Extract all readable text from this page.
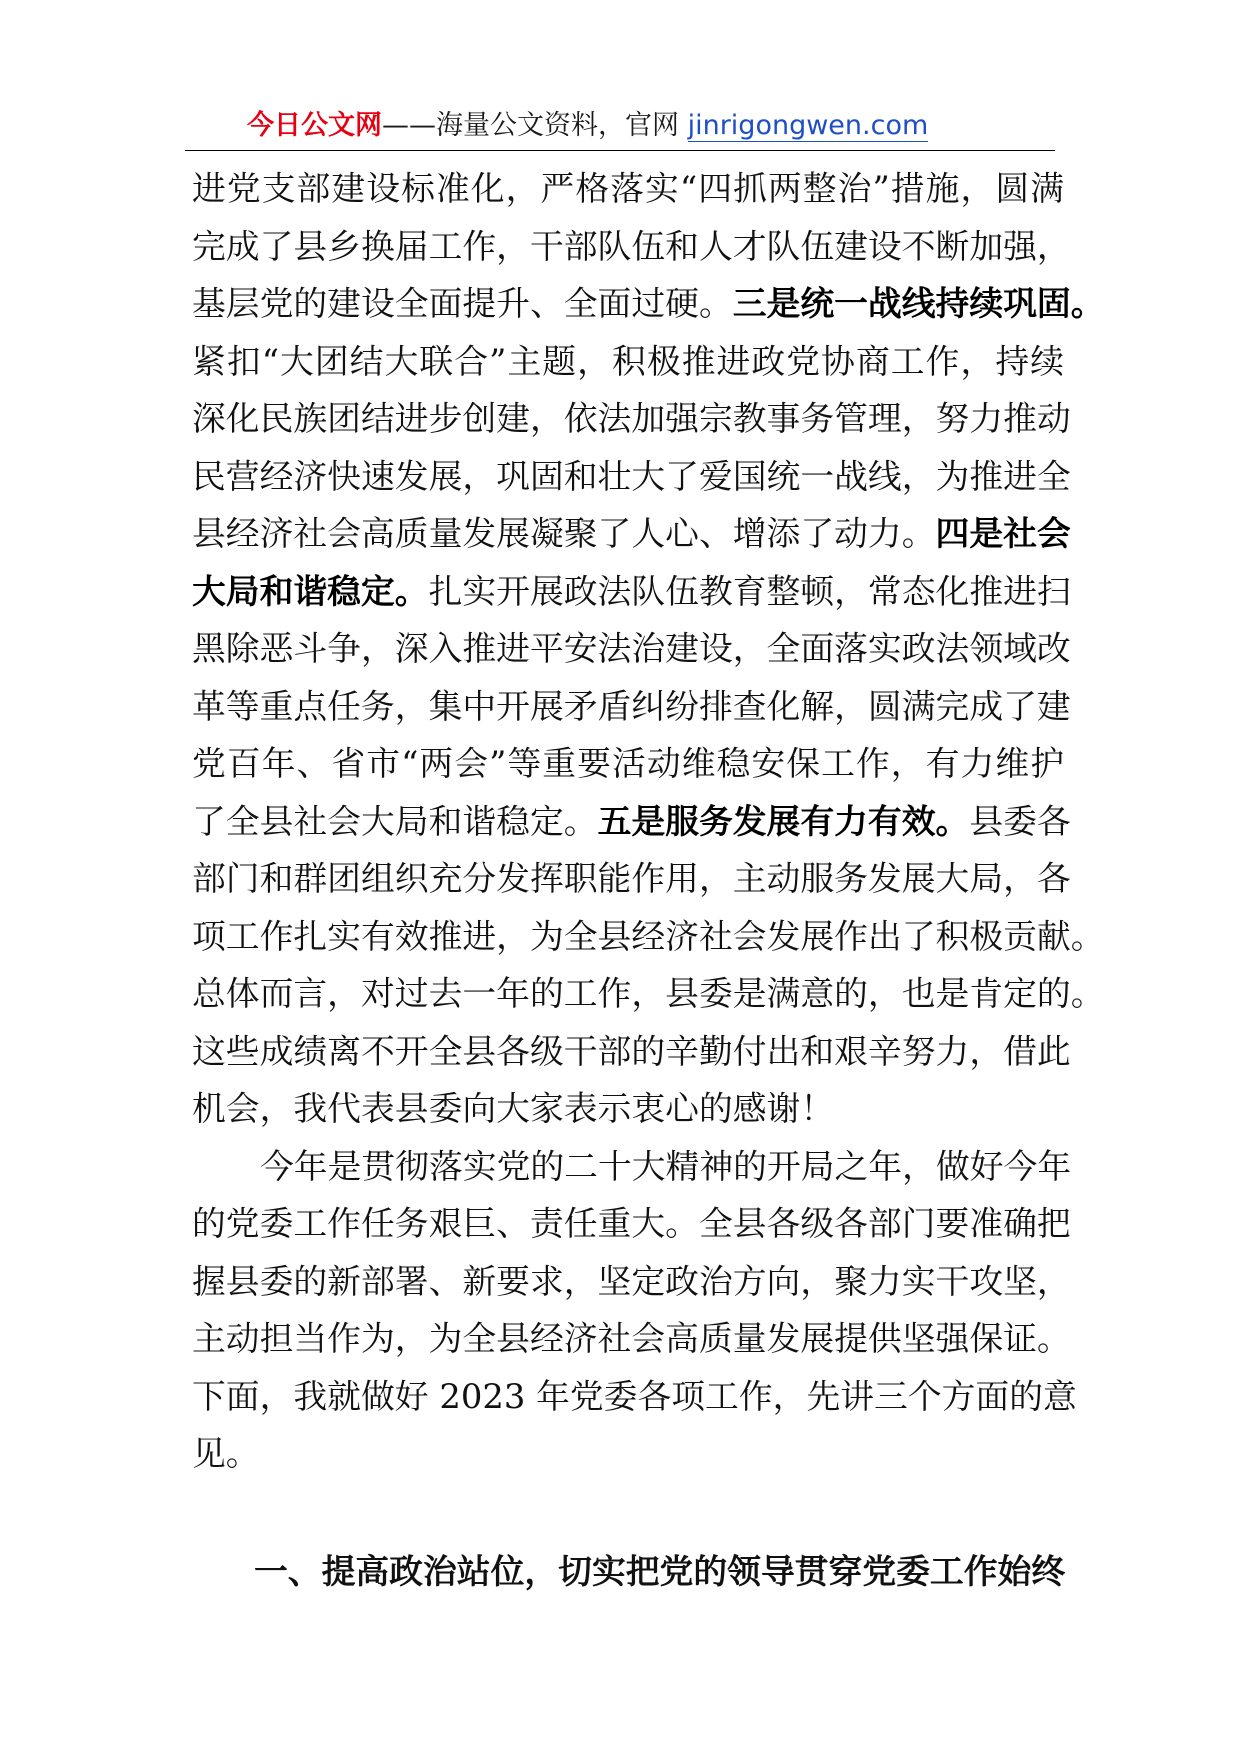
今日公文网——海量公文资料，官网 jinrigongwen.com
进党支部建设标准化，严格落实“四抓两整治”措施，圆满
完成了县乡换届工作，干部队伍和人才队伍建设不断加强，
基层党的建设全面提升、全面过硬。三是统一战线持续巩固。
紧扣“大团结大联合”主题，积极推进政党协商工作，持续
深化民族团结进步创建，依法加强宗教事务管理，努力推动
民营经济快速发展，巩固和壮大了爱国统一战线，为推进全
县经济社会高质量发展凝聚了人心、增添了动力。四是社会
大局和谐稳定。扎实开展政法队伍教育整顿，常态化推进扫
黑除恶斗争，深入推进平安法治建设，全面落实政法领域改
革等重点任务，集中开展矛盾纠纷排查化解，圆满完成了建
党百年、省市“两会”等重要活动维稳安保工作，有力维护
了全县社会大局和谐稳定。五是服务发展有力有效。县委各
部门和群团组织充分发挥职能作用，主动服务发展大局，各
项工作扎实有效推进，为全县经济社会发展作出了积极贡献。
总体而言，对过去一年的工作，县委是满意的，也是肯定的。
这些成绩离不开全县各级干部的辛勤付出和艰辛努力，借此
机会，我代表县委向大家表示衷心的感谢！
今年是贯彻落实党的二十大精神的开局之年，做好今年
的党委工作任务艰巨、责任重大。全县各级各部门要准确把
握县委的新部署、新要求，坚定政治方向，聚力实干攻坚，
主动担当作为，为全县经济社会高质量发展提供坚强保证。
下面，我就做好 2023 年党委各项工作，先讲三个方面的意
见。
一、提高政治站位，切实把党的领导贯穿党委工作始终
